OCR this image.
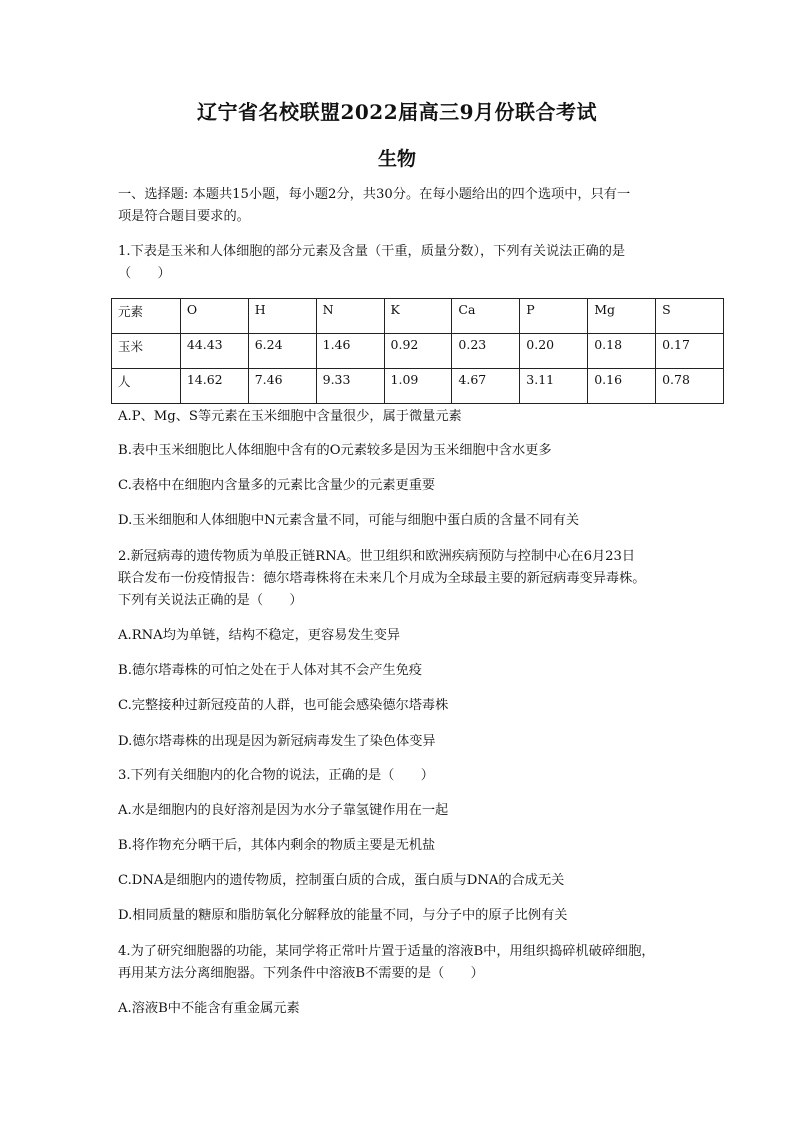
辽宁省名校联盟2022届高三9月份联合考试
生物
一、选择题: 本题共15小题，每小题2分，共30分。在每小题给出的四个选项中，只有一
项是符合题目要求的。
1.下表是玉米和人体细胞的部分元素及含量（干重，质量分数），下列有关说法正确的是
（　　）
元素	O	H	N	K	Ca	P	Mg	S
玉米	44.43	6.24	1.46	0.92	0.23	0.20	0.18	0.17
人	14.62	7.46	9.33	1.09	4.67	3.11	0.16	0.78
A.P、Mg、S等元素在玉米细胞中含量很少，属于微量元素
B.表中玉米细胞比人体细胞中含有的O元素较多是因为玉米细胞中含水更多
C.表格中在细胞内含量多的元素比含量少的元素更重要
D.玉米细胞和人体细胞中N元素含量不同，可能与细胞中蛋白质的含量不同有关
2.新冠病毒的遗传物质为单股正链RNA。世卫组织和欧洲疾病预防与控制中心在6月23日
联合发布一份疫情报告：德尔塔毒株将在未来几个月成为全球最主要的新冠病毒变异毒株。
下列有关说法正确的是（　　）
A.RNA均为单链，结构不稳定，更容易发生变异
B.德尔塔毒株的可怕之处在于人体对其不会产生免疫
C.完整接种过新冠疫苗的人群，也可能会感染德尔塔毒株
D.德尔塔毒株的出现是因为新冠病毒发生了染色体变异
3.下列有关细胞内的化合物的说法，正确的是（　　）
A.水是细胞内的良好溶剂是因为水分子靠氢键作用在一起
B.将作物充分晒干后，其体内剩余的物质主要是无机盐
C.DNA是细胞内的遗传物质，控制蛋白质的合成，蛋白质与DNA的合成无关
D.相同质量的糖原和脂肪氧化分解释放的能量不同，与分子中的原子比例有关
4.为了研究细胞器的功能，某同学将正常叶片置于适量的溶液B中，用组织捣碎机破碎细胞，
再用某方法分离细胞器。下列条件中溶液B不需要的是（　　）
A.溶液B中不能含有重金属元素
